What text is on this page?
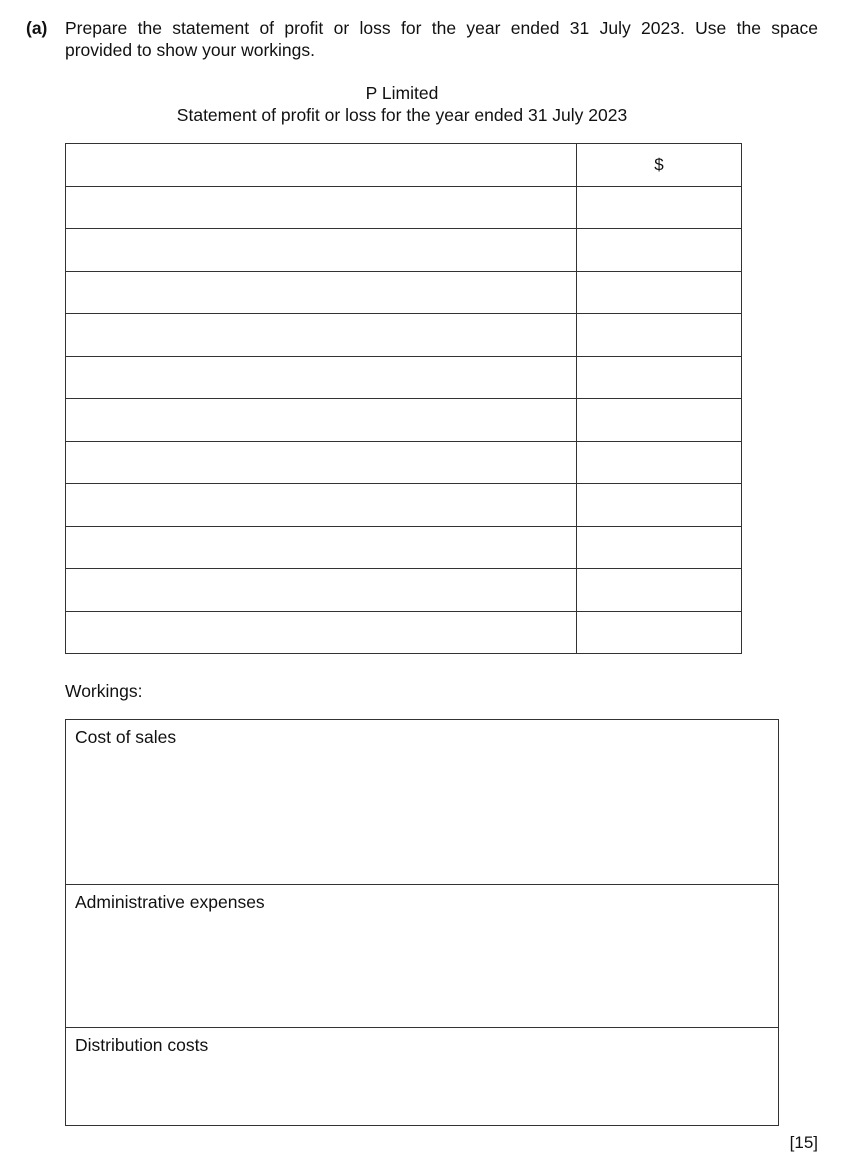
(a) Prepare the statement of profit or loss for the year ended 31 July 2023. Use the space
provided to show your workings.
P Limited
Statement of profit or loss for the year ended 31 July 2023
	$

Workings:
Cost of sales
Administrative expenses
Distribution costs
[15]
